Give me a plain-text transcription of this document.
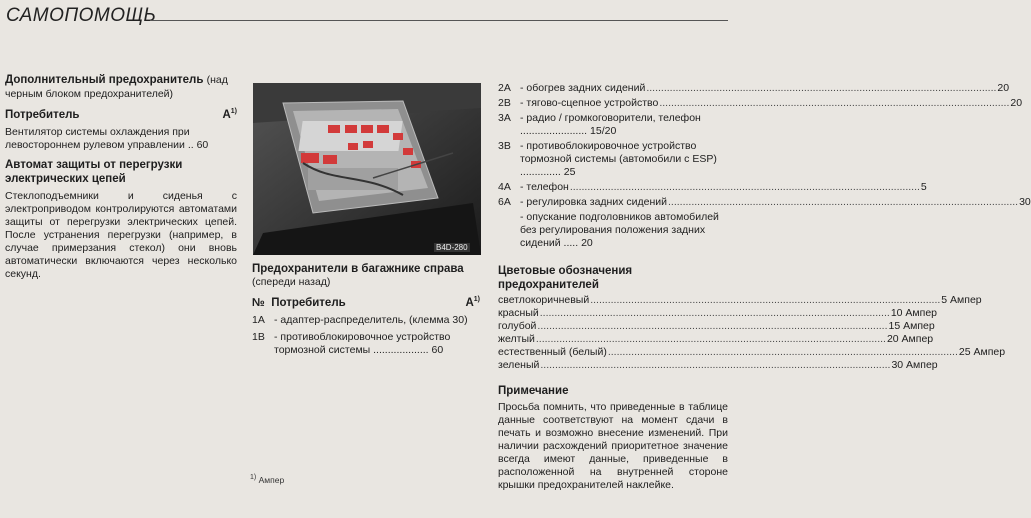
САМОПОМОЩЬ

Дополнительный предохранитель (над черным блоком предохранителей)

Потребитель	$A^{1)}$
Вентилятор системы охлаждения при левостороннем рулевом управлении .. 60

Автомат защиты от перегрузки электрических цепей

Стеклоподъемники и сиденья с электроприводом контролируются автоматами защиты от перегрузки электрических цепей. После устранения перегрузки (например, в случае примерзания стекол) они вновь автоматически включаются через несколько секунд.

B4D-280

Предохранители в багажнике справа

(спереди назад)
№ Потребитель	$A^{1)}$
1A - адаптер-распределитель, (клемма 30)
1B - противоблокировочное устройство тормозной системы ................... 60
$^{1)}$ Ампер
2A - обогрев задних сидений .....	20
2B - тягово-сцепное устройство .....	20
3A - радио / громкоговорители, телефон ....................... 15/20
3B - противоблокировочное устройство тормозной системы (автомобили с ESP) .............. 25
4A - телефон .....	5
6A - регулировка задних сидений .....	30
- опускание подголовников автомобилей без регулирования положения задних сидений ..... 20

Цветовые обозначения предохранителей

светлокоричневый .....	5 Ампер
красный .....	10 Ампер
голубой .....	15 Ампер
желтый .....	20 Ампер
естественный (белый) .....	25 Ампер
зеленый .....	30 Ампер

Примечание

Просьба помнить, что приведенные в таблице данные соответствуют на момент сдачи в печать и возможно внесение изменений. При наличии расхождений приоритетное значение всегда имеют данные, приведенные в расположенной на внутренней стороне крышки предохранителей наклейке.
